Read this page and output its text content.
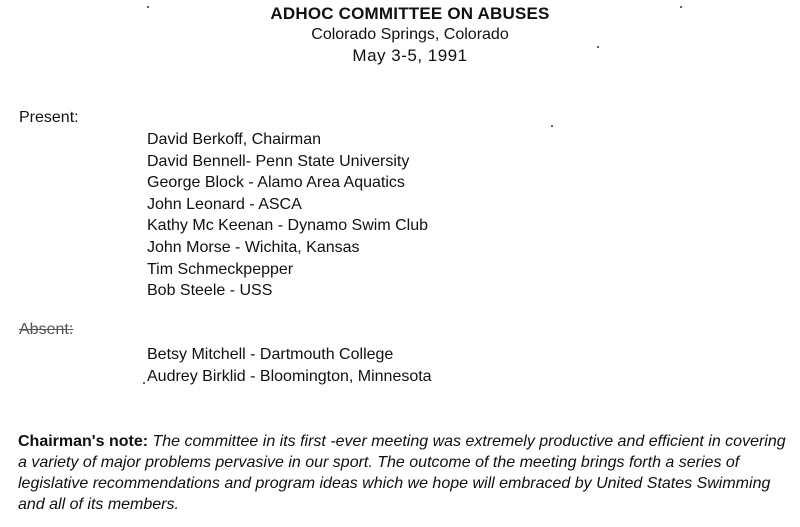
ADHOC COMMITTEE ON ABUSES
Colorado Springs, Colorado
May 3-5, 1991
Present:
David Berkoff, Chairman
David Bennell- Penn State University
George Block - Alamo Area Aquatics
John Leonard - ASCA
Kathy Mc Keenan - Dynamo Swim Club
John Morse - Wichita, Kansas
Tim Schmeckpepper
Bob Steele - USS
Absent:
Betsy Mitchell - Dartmouth College
Audrey Birklid - Bloomington, Minnesota

Chairman's note: The committee in its first -ever meeting was extremely productive and efficient in covering a variety of major problems pervasive in our sport. The outcome of the meeting brings forth a series of legislative recommendations and program ideas which we hope will embraced by United States Swimming and all of its members.
